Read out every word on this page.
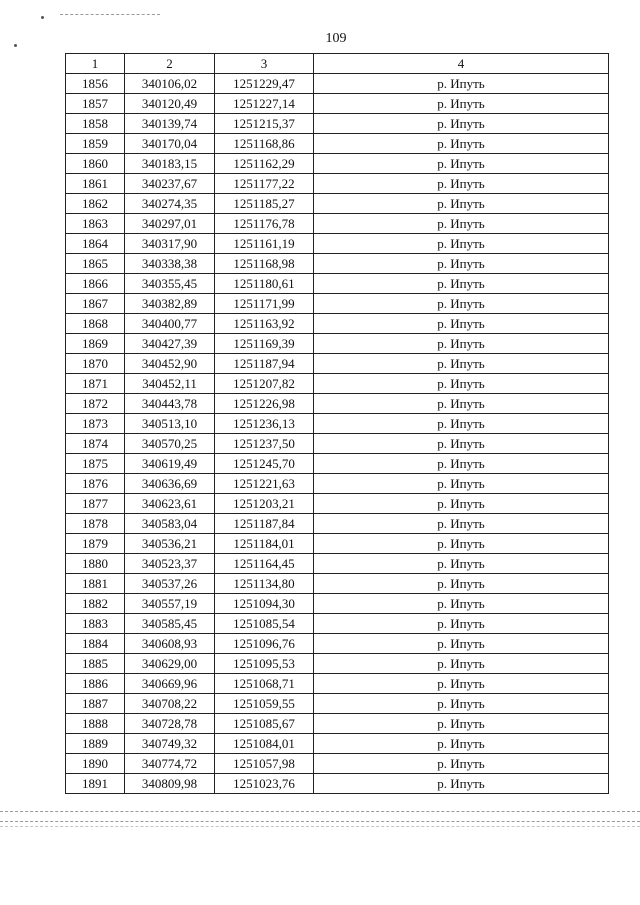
109
1	2	3	4
1856	340106,02	1251229,47	р. Ипуть
1857	340120,49	1251227,14	р. Ипуть
1858	340139,74	1251215,37	р. Ипуть
1859	340170,04	1251168,86	р. Ипуть
1860	340183,15	1251162,29	р. Ипуть
1861	340237,67	1251177,22	р. Ипуть
1862	340274,35	1251185,27	р. Ипуть
1863	340297,01	1251176,78	р. Ипуть
1864	340317,90	1251161,19	р. Ипуть
1865	340338,38	1251168,98	р. Ипуть
1866	340355,45	1251180,61	р. Ипуть
1867	340382,89	1251171,99	р. Ипуть
1868	340400,77	1251163,92	р. Ипуть
1869	340427,39	1251169,39	р. Ипуть
1870	340452,90	1251187,94	р. Ипуть
1871	340452,11	1251207,82	р. Ипуть
1872	340443,78	1251226,98	р. Ипуть
1873	340513,10	1251236,13	р. Ипуть
1874	340570,25	1251237,50	р. Ипуть
1875	340619,49	1251245,70	р. Ипуть
1876	340636,69	1251221,63	р. Ипуть
1877	340623,61	1251203,21	р. Ипуть
1878	340583,04	1251187,84	р. Ипуть
1879	340536,21	1251184,01	р. Ипуть
1880	340523,37	1251164,45	р. Ипуть
1881	340537,26	1251134,80	р. Ипуть
1882	340557,19	1251094,30	р. Ипуть
1883	340585,45	1251085,54	р. Ипуть
1884	340608,93	1251096,76	р. Ипуть
1885	340629,00	1251095,53	р. Ипуть
1886	340669,96	1251068,71	р. Ипуть
1887	340708,22	1251059,55	р. Ипуть
1888	340728,78	1251085,67	р. Ипуть
1889	340749,32	1251084,01	р. Ипуть
1890	340774,72	1251057,98	р. Ипуть
1891	340809,98	1251023,76	р. Ипуть
